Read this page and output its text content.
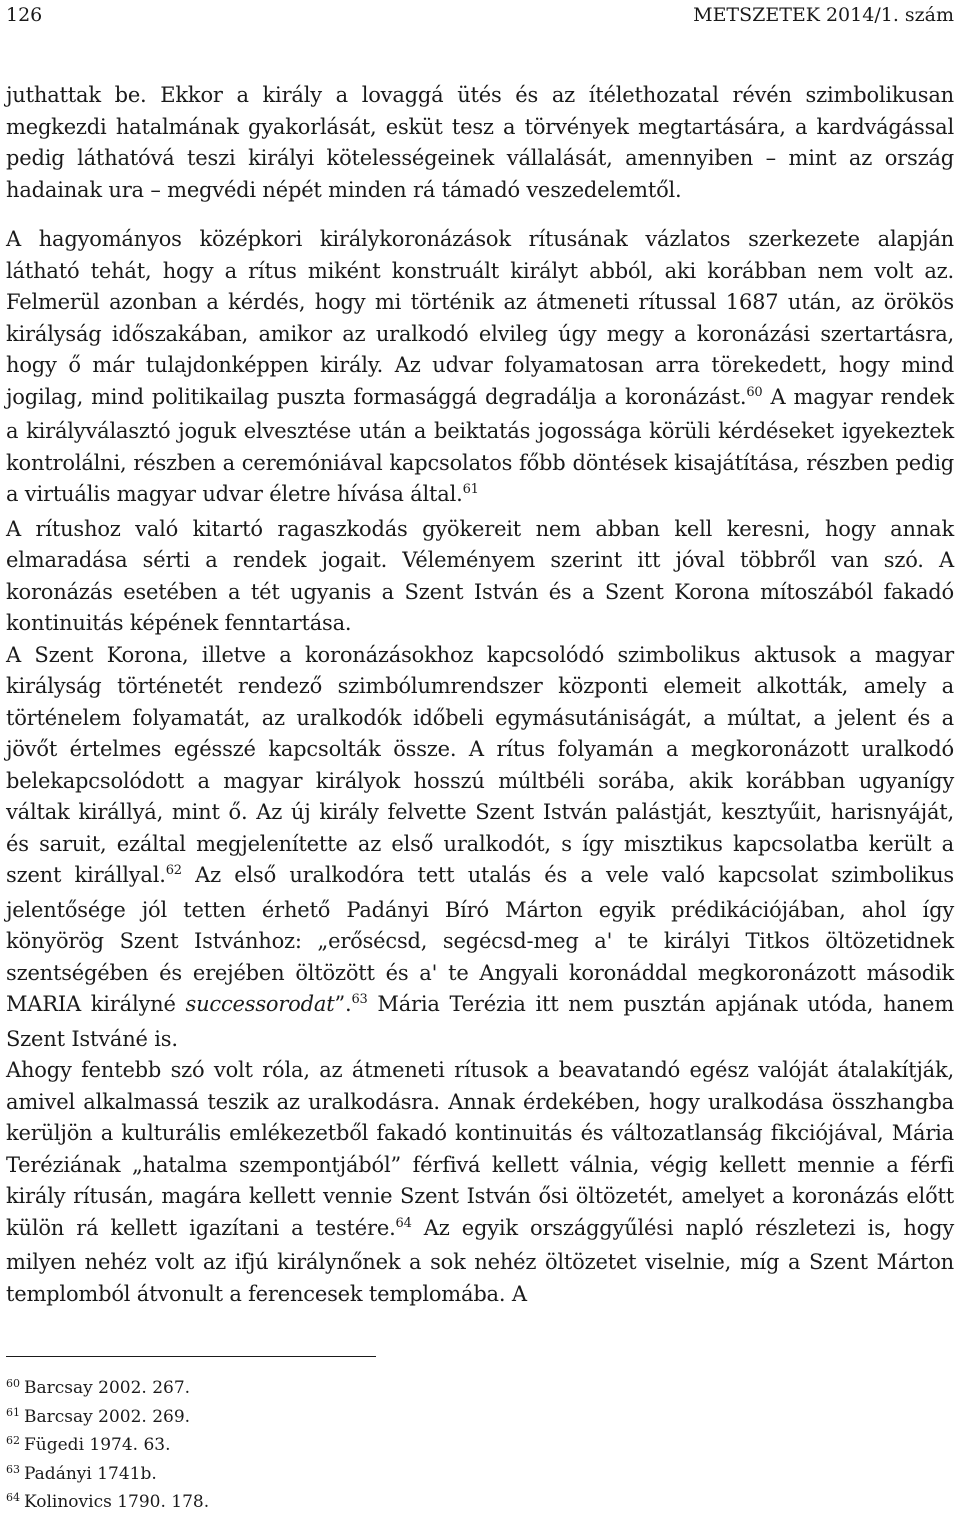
126	METSZETEK 2014/1. szám

juthattak be. Ekkor a király a lovaggá ütés és az ítélethozatal révén szimbolikusan megkezdi hatalmának gyakorlását, esküt tesz a törvények megtartására, a kardvágással pedig láthatóvá teszi királyi kötelességeinek vállalását, amennyiben – mint az ország hadainak ura – megvédi népét minden rá támadó veszedelemtől.

A hagyományos középkori királykoronázások rítusának vázlatos szerkezete alapján látható tehát, hogy a rítus miként konstruált királyt abból, aki korábban nem volt az. Felmerül azonban a kérdés, hogy mi történik az átmeneti rítussal 1687 után, az örökös királyság időszakában, amikor az uralkodó elvileg úgy megy a koronázási szertartásra, hogy ő már tulajdonképpen király. Az udvar folyamatosan arra törekedett, hogy mind jogilag, mind politikailag puszta formasággá degradálja a koronázást.$^{60}$ A magyar rendek a királyválasztó joguk elvesztése után a beiktatás jogossága körüli kérdéseket igyekeztek kontrolálni, részben a ceremóniával kapcsolatos főbb döntések kisajátítása, részben pedig a virtuális magyar udvar életre hívása által.$^{61}$

A rítushoz való kitartó ragaszkodás gyökereit nem abban kell keresni, hogy annak elmaradása sérti a rendek jogait. Véleményem szerint itt jóval többről van szó. A koronázás esetében a tét ugyanis a Szent István és a Szent Korona mítoszából fakadó kontinuitás képének fenntartása.

A Szent Korona, illetve a koronázásokhoz kapcsolódó szimbolikus aktusok a magyar királyság történetét rendező szimbólumrendszer központi elemeit alkották, amely a történelem folyamatát, az uralkodók időbeli egymásutániságát, a múltat, a jelent és a jövőt értelmes egésszé kapcsolták össze. A rítus folyamán a megkoronázott uralkodó belekapcsolódott a magyar királyok hosszú múltbéli sorába, akik korábban ugyanígy váltak királlyá, mint ő. Az új király felvette Szent István palástját, kesztyűit, harisnyáját, és saruit, ezáltal megjelenítette az első uralkodót, s így misztikus kapcsolatba került a szent királlyal.$^{62}$ Az első uralkodóra tett utalás és a vele való kapcsolat szimbolikus jelentősége jól tetten érhető Padányi Bíró Márton egyik prédikációjában, ahol így könyörög Szent Istvánhoz: „erősécsd, segécsd-meg a' te királyi Titkos öltözetidnek szentségében és erejében öltözött és a' te Angyali koronáddal megkoronázott második MARIA királyné successorodat”.$^{63}$ Mária Terézia itt nem pusztán apjának utóda, hanem Szent Istváné is.

Ahogy fentebb szó volt róla, az átmeneti rítusok a beavatandó egész valóját átalakítják, amivel alkalmassá teszik az uralkodásra. Annak érdekében, hogy uralkodása összhangba kerüljön a kulturális emlékezetből fakadó kontinuitás és változatlanság fikciójával, Mária Teréziának „hatalma szempontjából” férfivá kellett válnia, végig kellett mennie a férfi király rítusán, magára kellett vennie Szent István ősi öltözetét, amelyet a koronázás előtt külön rá kellett igazítani a testére.$^{64}$ Az egyik országgyűlési napló részletezi is, hogy milyen nehéz volt az ifjú királynőnek a sok nehéz öltözetet viselnie, míg a Szent Márton templomból átvonult a ferencesek templomába. A

$^{60}$ Barcsay 2002. 267.
$^{61}$ Barcsay 2002. 269.
$^{62}$ Fügedi 1974. 63.
$^{63}$ Padányi 1741b.
$^{64}$ Kolinovics 1790. 178.
